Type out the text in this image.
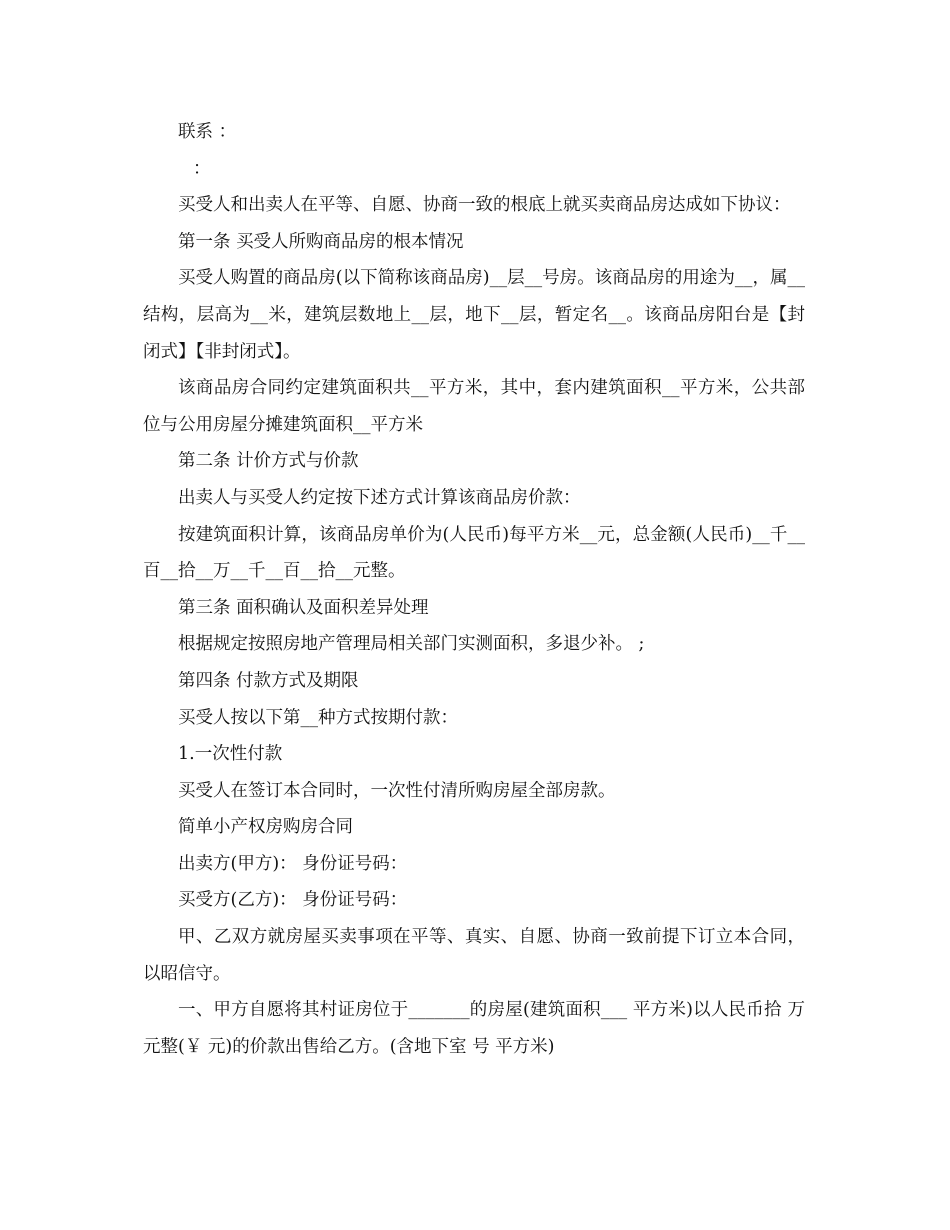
联系 ：

：

买受人和出卖人在平等、自愿、协商一致的根底上就买卖商品房达成如下协议：

第一条 买受人所购商品房的根本情况

买受人购置的商品房(以下简称该商品房)__层__号房。该商品房的用途为__，属__结构，层高为__米，建筑层数地上__层，地下__层，暂定名__。该商品房阳台是【封闭式】【非封闭式】。

该商品房合同约定建筑面积共__平方米，其中，套内建筑面积__平方米，公共部位与公用房屋分摊建筑面积__平方米

第二条 计价方式与价款

出卖人与买受人约定按下述方式计算该商品房价款：

按建筑面积计算，该商品房单价为(人民币)每平方米__元，总金额(人民币)__千__百__拾__万__千__百__拾__元整。

第三条 面积确认及面积差异处理

根据规定按照房地产管理局相关部门实测面积，多退少补。 ;

第四条 付款方式及期限

买受人按以下第__种方式按期付款：

1.一次性付款

买受人在签订本合同时，一次性付清所购房屋全部房款。

简单小产权房购房合同

出卖方(甲方)： 身份证号码：

买受方(乙方)： 身份证号码：

甲、乙双方就房屋买卖事项在平等、真实、自愿、协商一致前提下订立本合同，以昭信守。

一、甲方自愿将其村证房位于_______的房屋(建筑面积___ 平方米)以人民币拾 万元整(￥ 元)的价款出售给乙方。(含地下室 号 平方米)
